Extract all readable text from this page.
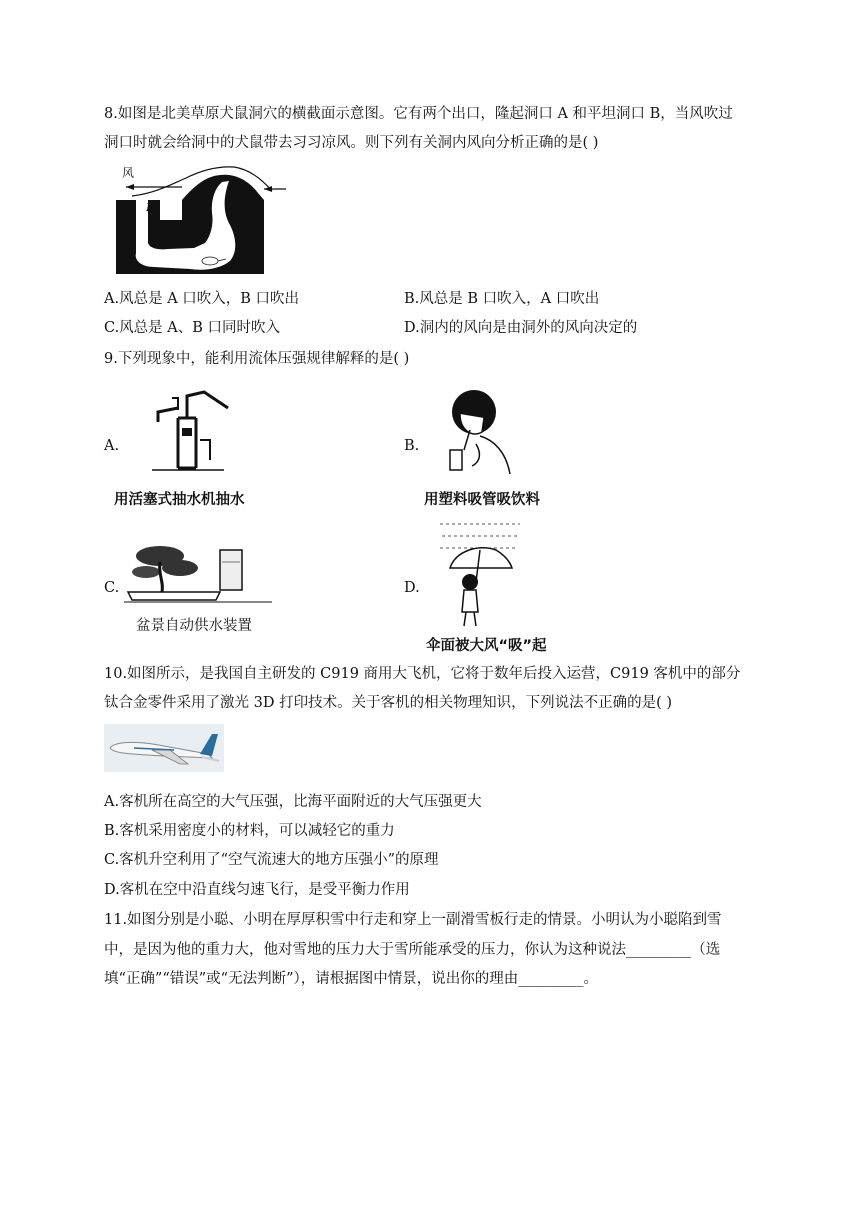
8.如图是北美草原犬鼠洞穴的横截面示意图。它有两个出口，隆起洞口 A 和平坦洞口 B，当风吹过
洞口时就会给洞中的犬鼠带去习习凉风。则下列有关洞内风向分析正确的是( )
风
A
B
A.风总是 A 口吹入，B 口吹出	B.风总是 B 口吹入，A 口吹出
C.风总是 A、B 口同时吹入	D.洞内的风向是由洞外的风向决定的
9.下列现象中，能利用流体压强规律解释的是( )
A.
用活塞式抽水机抽水
B.
用塑料吸管吸饮料
C.
盆景自动供水装置
D.
伞面被大风“吸”起
10.如图所示，是我国自主研发的 C919 商用大飞机，它将于数年后投入运营，C919 客机中的部分
钛合金零件采用了激光 3D 打印技术。关于客机的相关物理知识，下列说法不正确的是( )
A.客机所在高空的大气压强，比海平面附近的大气压强更大
B.客机采用密度小的材料，可以减轻它的重力
C.客机升空利用了“空气流速大的地方压强小”的原理
D.客机在空中沿直线匀速飞行，是受平衡力作用
11.如图分别是小聪、小明在厚厚积雪中行走和穿上一副滑雪板行走的情景。小明认为小聪陷到雪
中，是因为他的重力大，他对雪地的压力大于雪所能承受的压力，你认为这种说法_________（选
填“正确”“错误”或“无法判断”），请根据图中情景，说出你的理由_________。
